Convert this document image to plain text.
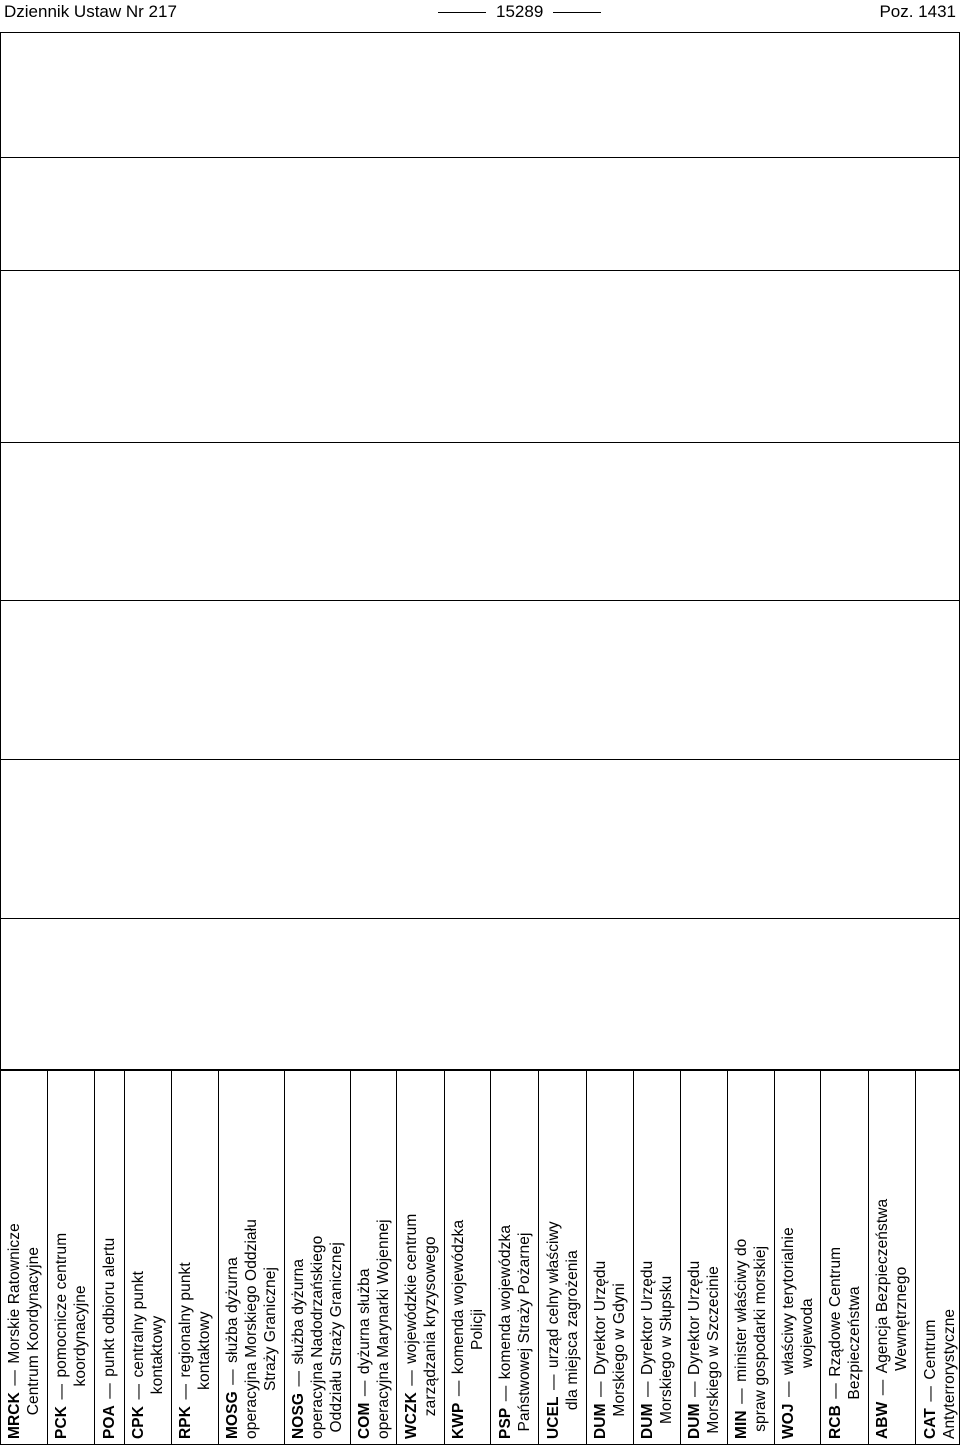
Dziennik Ustaw Nr 217	15289	Poz. 1431
MRCK — Morskie Ratownicze Centrum Koordynacyjne
PCK — pomocnicze centrum koordynacyjne
POA — punkt odbioru alertu
CPK — centralny punkt kontaktowy
RPK — regionalny punkt kontaktowy
MOSG — służba dyżurna operacyjna Morskiego Oddziału Straży Granicznej
NOSG — służba dyżurna operacyjna Nadodrzańskiego Oddziału Straży Granicznej COM — dyżurna służba operacyjna Marynarki Wojennej WCZK — wojewódzkie centrum zarządzania kryzysowego
KWP — komenda wojewódzka Policji
PSP — komenda wojewódzka Państwowej Straży Pożarnej UCEL — urząd celny właściwy dla miejsca zagrożenia
DUM — Dyrektor Urzędu Morskiego w Gdyni
DUM — Dyrektor Urzędu Morskiego w Słupsku DUM — Dyrektor Urzędu Morskiego w Szczecinie MIN — minister właściwy do spraw gospodarki morskiej WOJ — właściwy terytorialnie wojewoda
RCB — Rządowe Centrum Bezpieczeństwa
ABW — Agencja Bezpieczeństwa Wewnętrznego
CAT — Centrum Antyterrorystyczne
